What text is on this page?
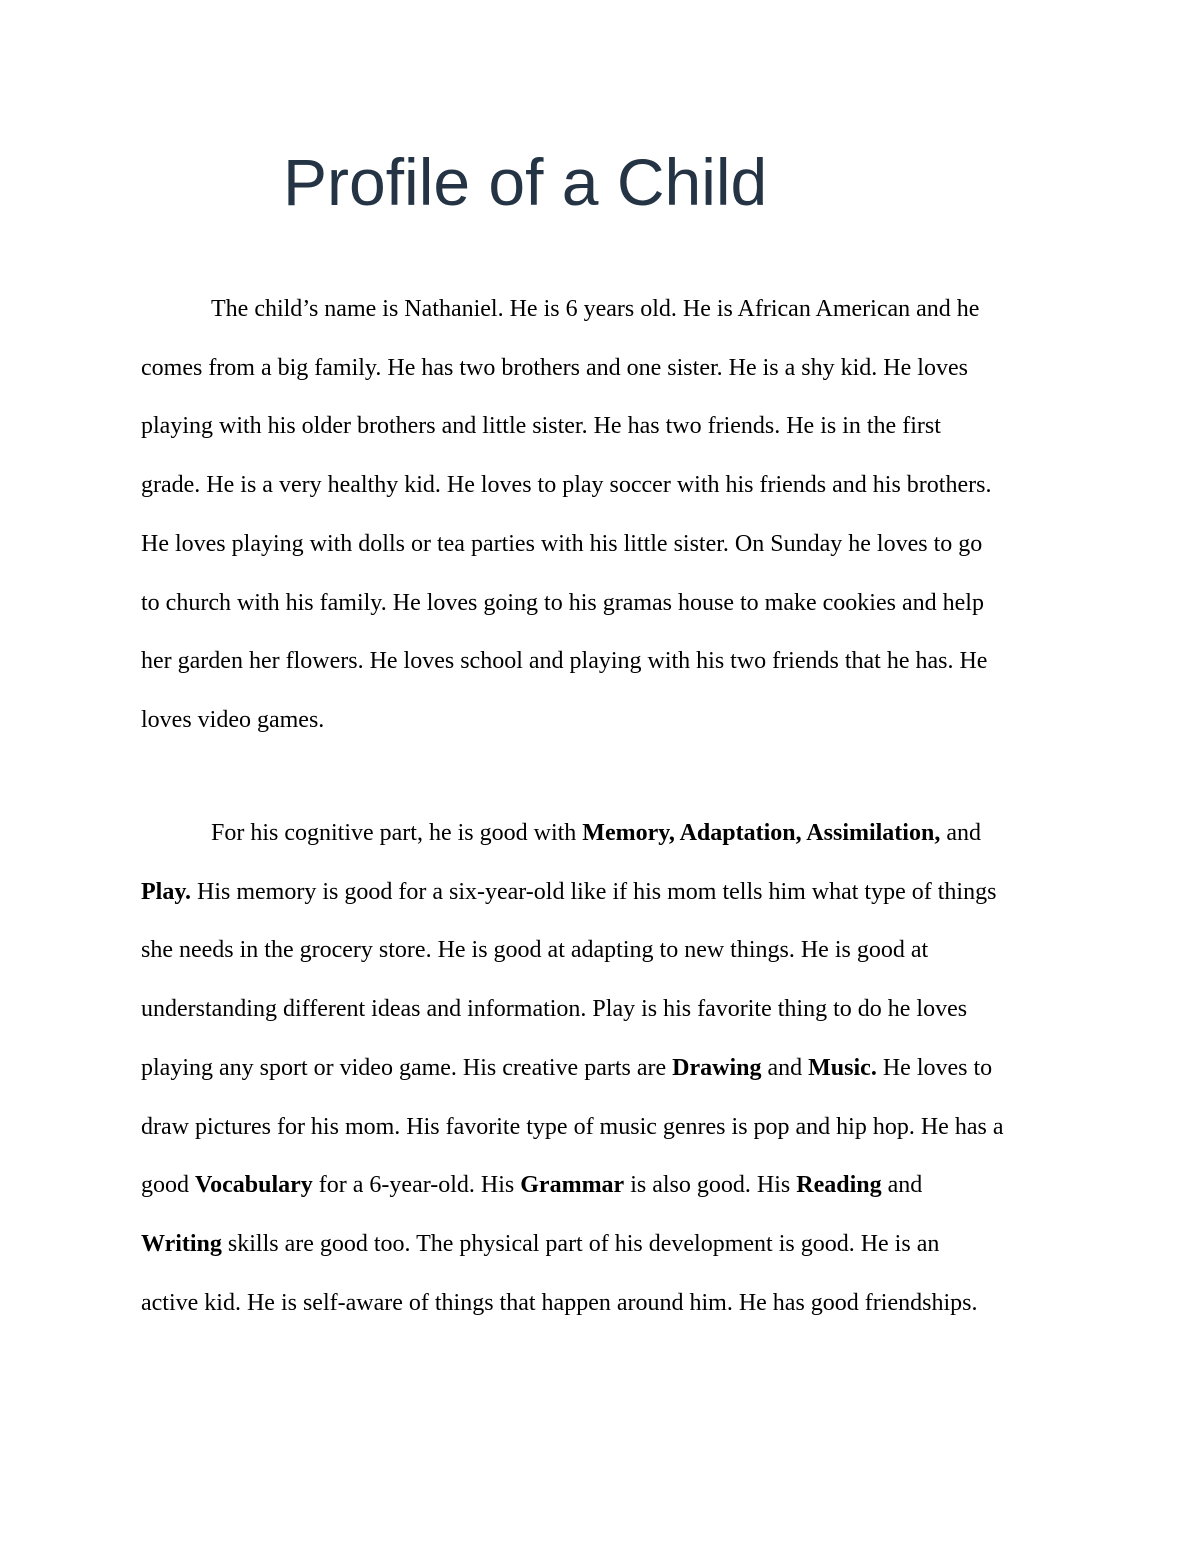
Profile of a Child
The child’s name is Nathaniel. He is 6 years old. He is African American and he
comes from a big family. He has two brothers and one sister. He is a shy kid. He loves
playing with his older brothers and little sister. He has two friends. He is in the first
grade. He is a very healthy kid. He loves to play soccer with his friends and his brothers.
He loves playing with dolls or tea parties with his little sister. On Sunday he loves to go
to church with his family. He loves going to his gramas house to make cookies and help
her garden her flowers. He loves school and playing with his two friends that he has. He
loves video games.
For his cognitive part, he is good with Memory, Adaptation, Assimilation, and
Play. His memory is good for a six-year-old like if his mom tells him what type of things
she needs in the grocery store. He is good at adapting to new things. He is good at
understanding different ideas and information. Play is his favorite thing to do he loves
playing any sport or video game. His creative parts are Drawing and Music. He loves to
draw pictures for his mom. His favorite type of music genres is pop and hip hop. He has a
good Vocabulary for a 6-year-old. His Grammar is also good. His Reading and
Writing skills are good too. The physical part of his development is good. He is an
active kid. He is self-aware of things that happen around him. He has good friendships.
